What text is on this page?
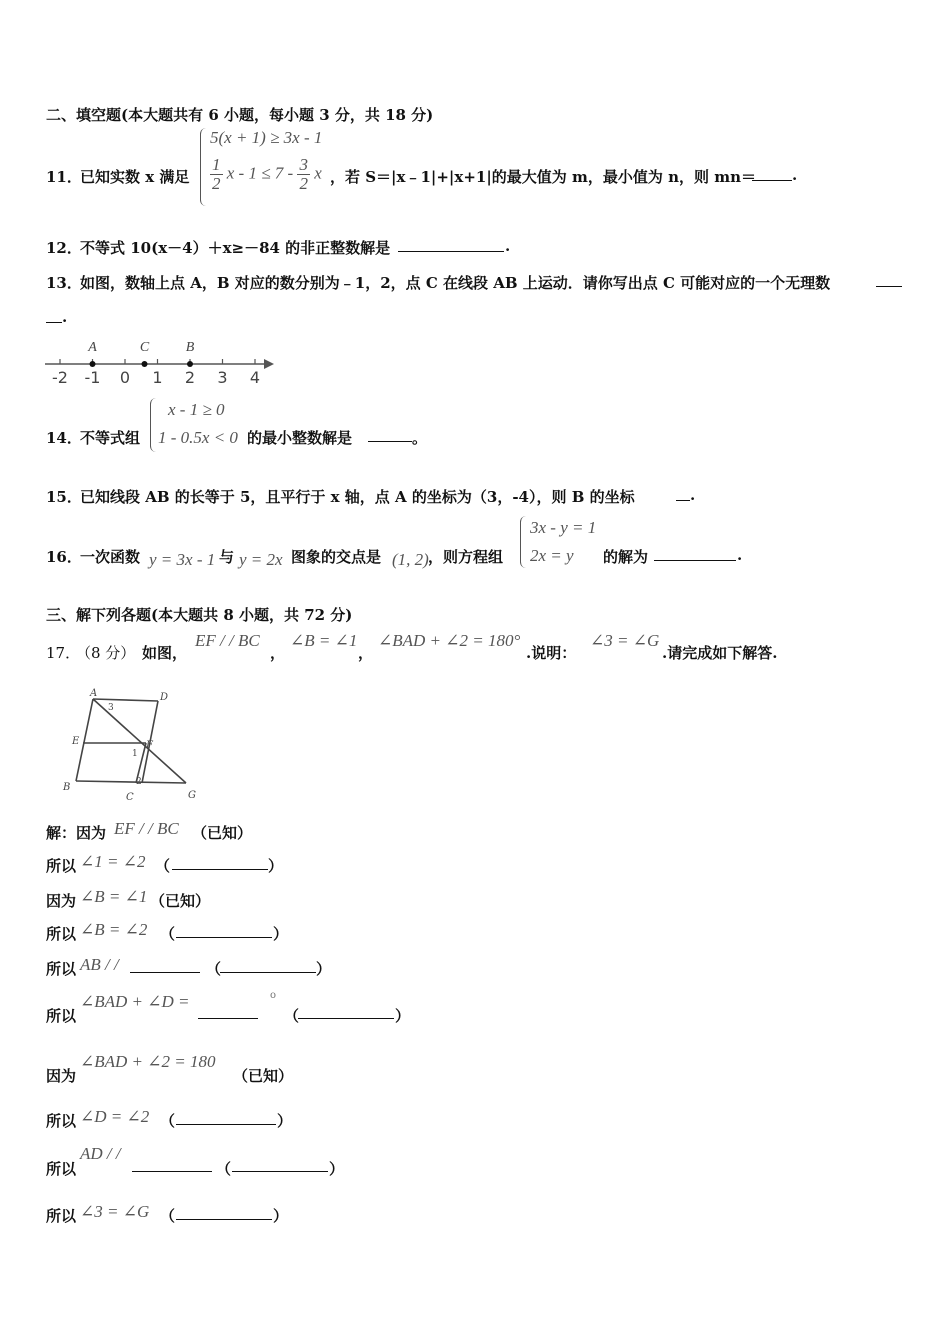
二、填空题(本大题共有 6 小题，每小题 3 分，共 18 分)
11．
已知实数 x 满足
5(x + 1) ≥ 3x - 1
$\frac{1}{2}$ $x - 1 \le 7 - \frac{3}{2}$ x ，若 S＝|x﹣1|+|x+1|的最大值为 m，最小值为 n，则 mn＝ .
12．
不等式 10(x－4）＋x≥－84 的非正整数解是	.
13．
如图，数轴上点 A，B 对应的数分别为﹣1，2，点 C 在线段 AB 上运动．请你写出点 C 可能对应的一个无理数
.
-2 -1 0 1 2 3 4
A	C	B
14．
不等式组
x - 1 ≥ 0
1 - 0.5x < 0 的最小整数解是	。
15．
已知线段 AB 的长等于 5，且平行于 x 轴，点 A 的坐标为（3，-4），则 B 的坐标	.
16．
一次函数 y = 3x - 1 与 y = 2x 图象的交点是 (1, 2) ，则方程组
3x - y = 1
2x = y 的解为	.
三、解下列各题(本大题共 8 小题，共 72 分)
17．
（8 分） 如图，
EF / / BC
，
∠B = ∠1
，
∠BAD + ∠2 = 180°
.说明：
∠3 = ∠G
.请完成如下解答.
A	D
E	F
B
C	G
1
2
3
解：因为 EF / / BC （已知）
所以 ∠1 = ∠2 （	）
因为 ∠B = ∠1 （已知）
所以 ∠B = ∠2 （	）
所以 AB / /	（	）
所以
∠BAD + ∠D =	o
（	）
因为
∠BAD + ∠2 = 180
（已知）
所以 ∠D = ∠2 （	）
所以
AD / /
（	）
所以 ∠3 = ∠G （	）
